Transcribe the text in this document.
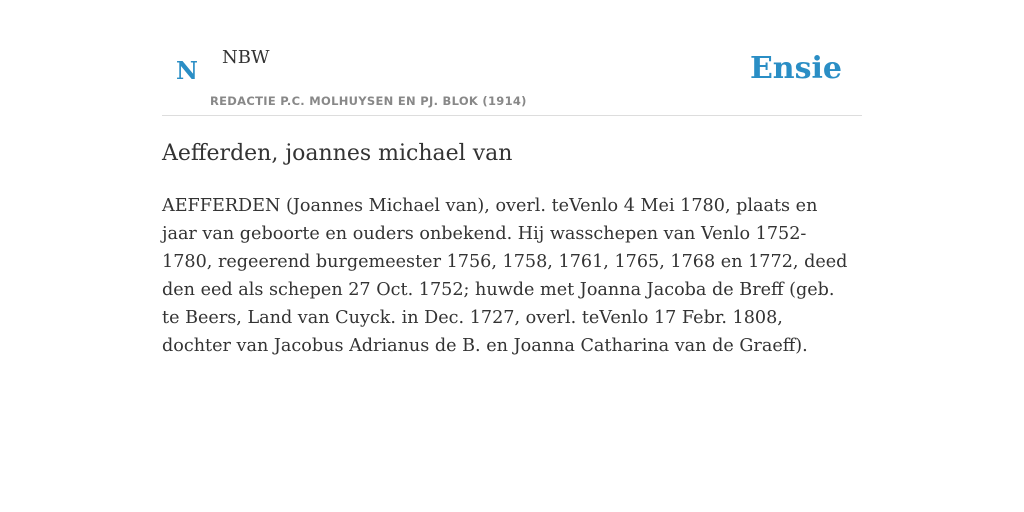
N NBW
REDACTIE P.C. MOLHUYSEN EN PJ. BLOK (1914)
Ensie
Aefferden, joannes michael van

AEFFERDEN (Joannes Michael van), overl. teVenlo 4 Mei 1780, plaats en jaar van geboorte en ouders onbekend. Hij wasschepen van Venlo 1752-1780, regeerend burgemeester 1756, 1758, 1761, 1765, 1768 en 1772, deed den eed als schepen 27 Oct. 1752; huwde met Joanna Jacoba de Breff (geb. te Beers, Land van Cuyck. in Dec. 1727, overl. teVenlo 17 Febr. 1808, dochter van Jacobus Adrianus de B. en Joanna Catharina van de Graeff).
